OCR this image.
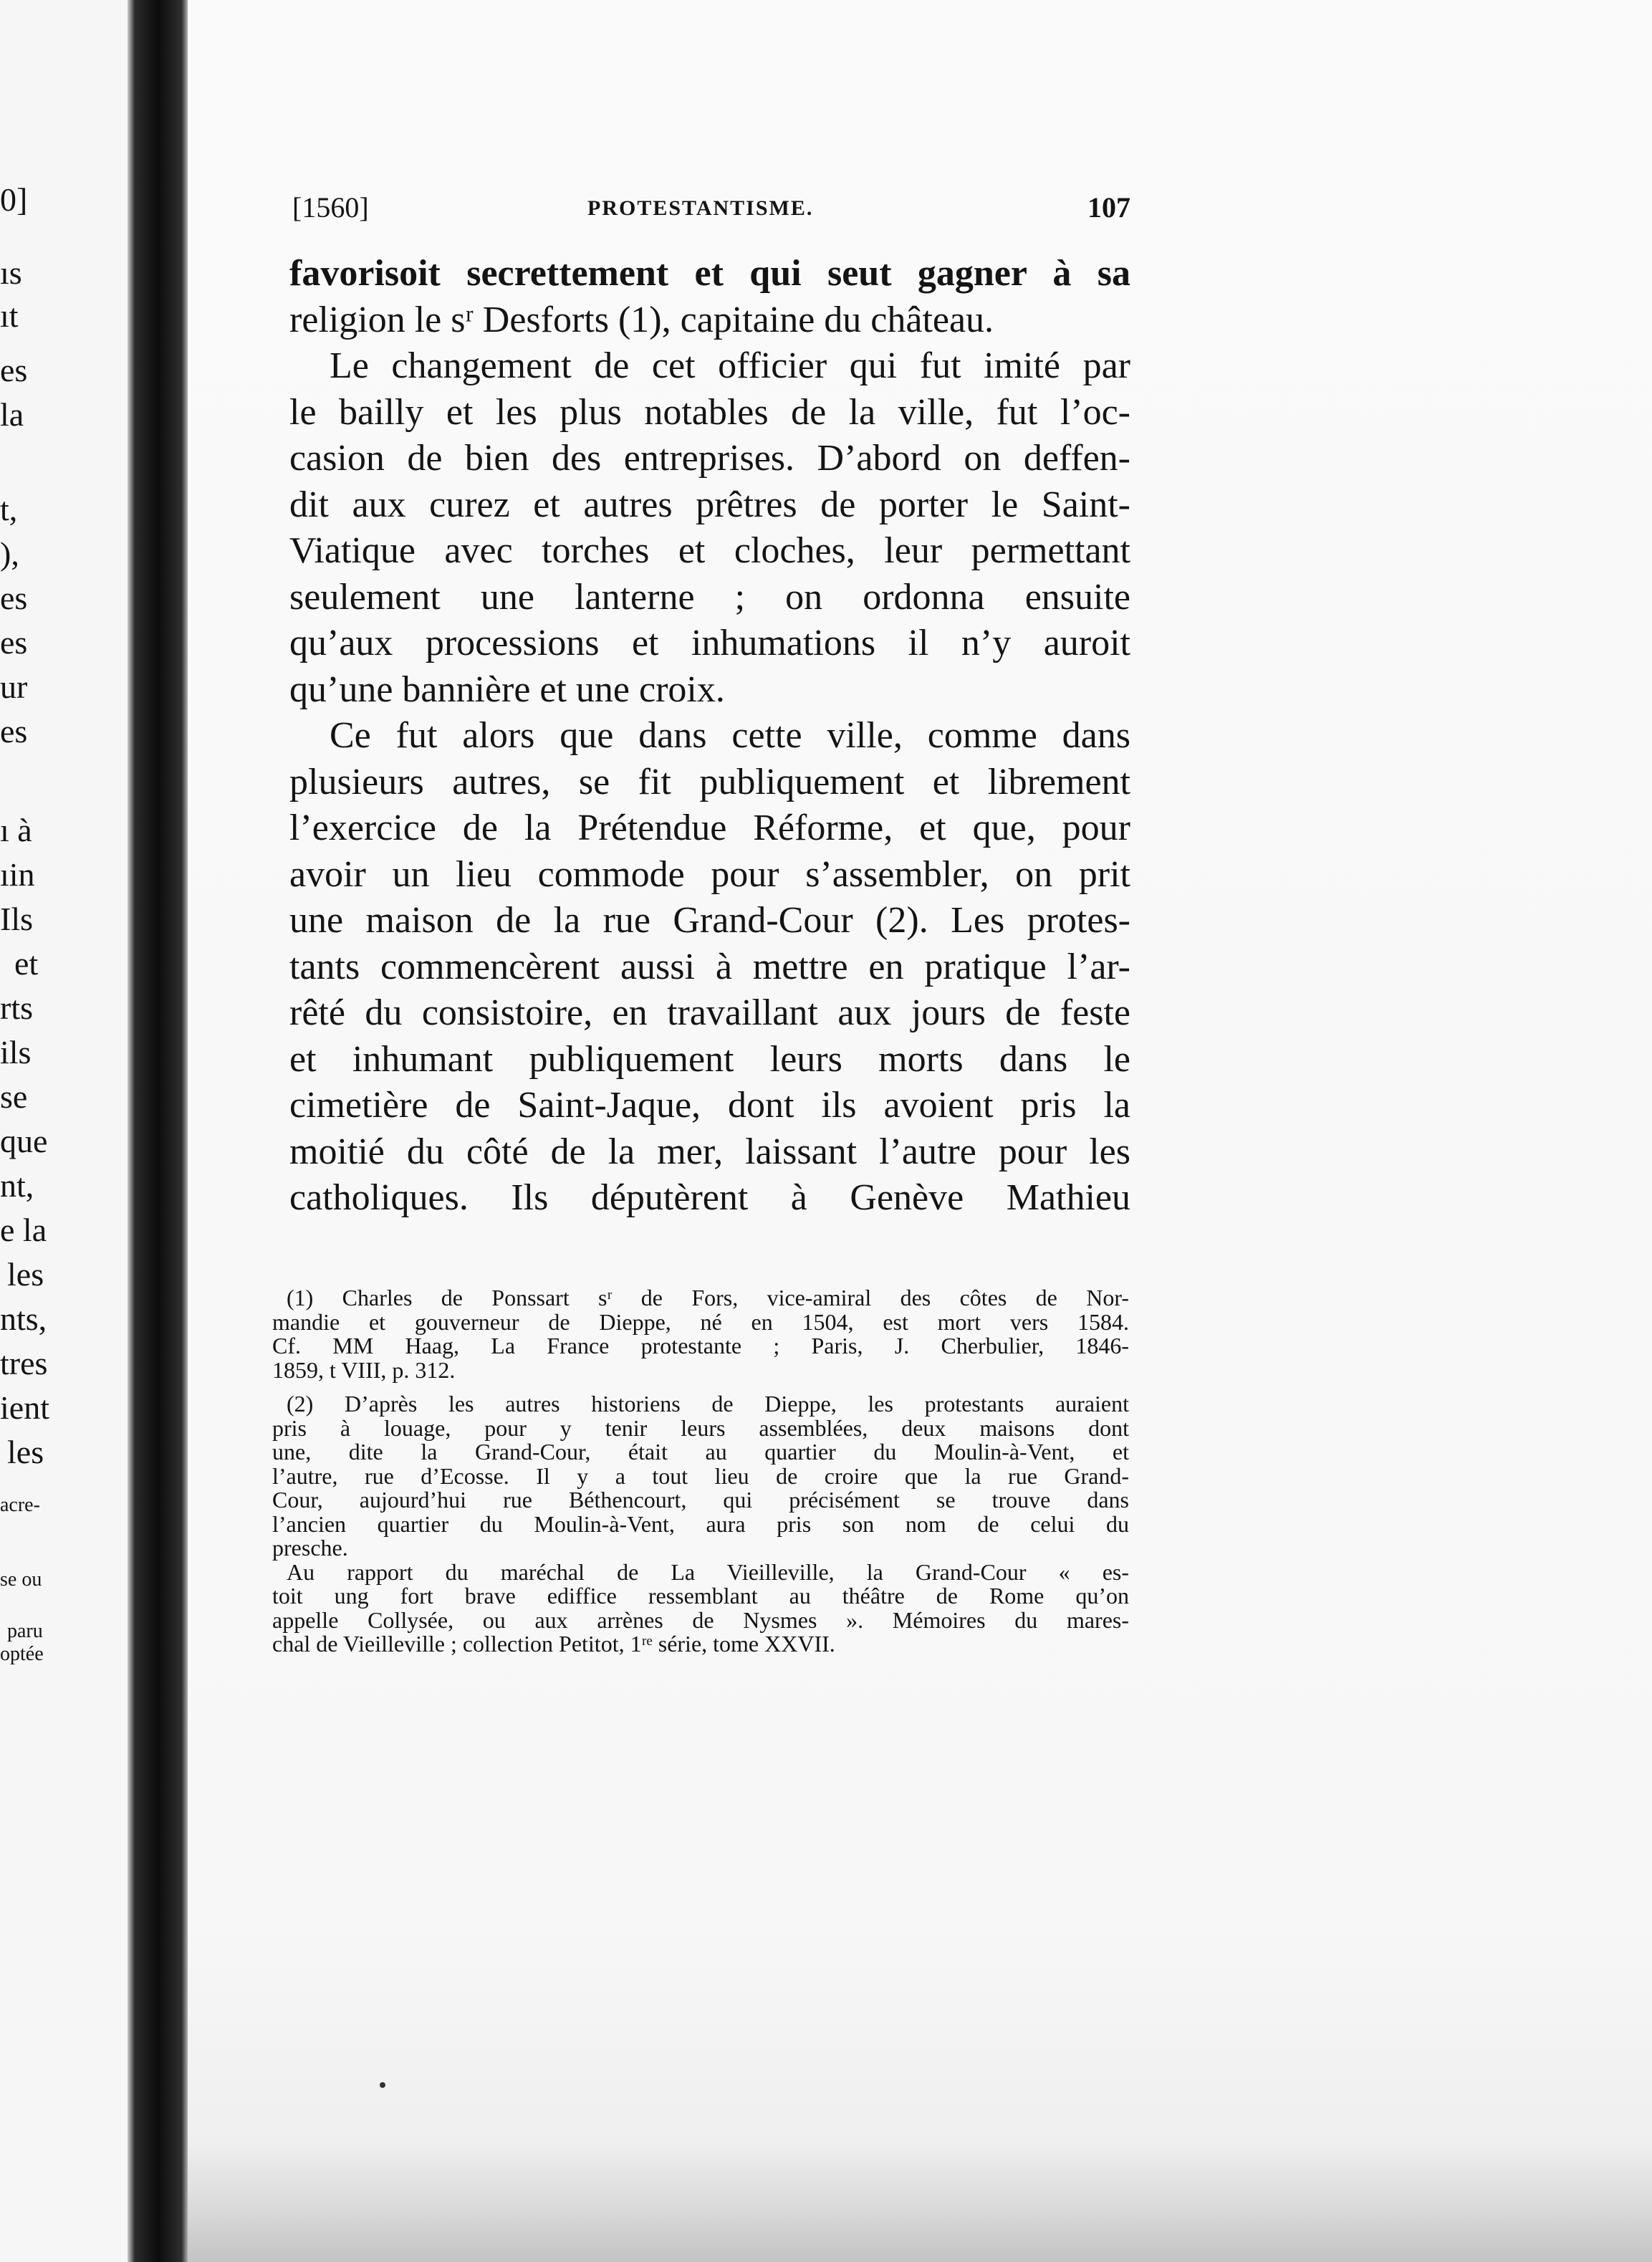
0]
ıs
ıt
es
la
t,
),
es
es
ur
es
ı à
ıin
Ils
et
rts
ils
se
que
nt,
e la
les
nts,
tres
ient
les
acre-
se ou
paru
optée
[1560]	PROTESTANTISME.	107
favorisoit secrettement et qui seut gagner à sa
religion le sʳ Desforts (1), capitaine du château.
Le changement de cet officier qui fut imité par
le bailly et les plus notables de la ville, fut l’oc-
casion de bien des entreprises. D’abord on deffen-
dit aux curez et autres prêtres de porter le Saint-
Viatique avec torches et cloches, leur permettant
seulement une lanterne ; on ordonna ensuite
qu’aux processions et inhumations il n’y auroit
qu’une bannière et une croix.
Ce fut alors que dans cette ville, comme dans
plusieurs autres, se fit publiquement et librement
l’exercice de la Prétendue Réforme, et que, pour
avoir un lieu commode pour s’assembler, on prit
une maison de la rue Grand-Cour (2). Les protes-
tants commencèrent aussi à mettre en pratique l’ar-
rêté du consistoire, en travaillant aux jours de feste
et inhumant publiquement leurs morts dans le
cimetière de Saint-Jaque, dont ils avoient pris la
moitié du côté de la mer, laissant l’autre pour les
catholiques. Ils députèrent à Genève Mathieu
(1) Charles de Ponssart sʳ de Fors, vice-amiral des côtes de Nor-
mandie et gouverneur de Dieppe, né en 1504, est mort vers 1584.
Cf. MM Haag, La France protestante ; Paris, J. Cherbulier, 1846-
1859, t VIII, p. 312.
(2) D’après les autres historiens de Dieppe, les protestants auraient
pris à louage, pour y tenir leurs assemblées, deux maisons dont
une, dite la Grand-Cour, était au quartier du Moulin-à-Vent, et
l’autre, rue d’Ecosse. Il y a tout lieu de croire que la rue Grand-
Cour, aujourd’hui rue Béthencourt, qui précisément se trouve dans
l’ancien quartier du Moulin-à-Vent, aura pris son nom de celui du
presche.
Au rapport du maréchal de La Vieilleville, la Grand-Cour « es-
toit ung fort brave ediffice ressemblant au théâtre de Rome qu’on
appelle Collysée, ou aux arrènes de Nysmes ». Mémoires du mares-
chal de Vieilleville ; collection Petitot, 1ʳᵉ série, tome XXVII.
